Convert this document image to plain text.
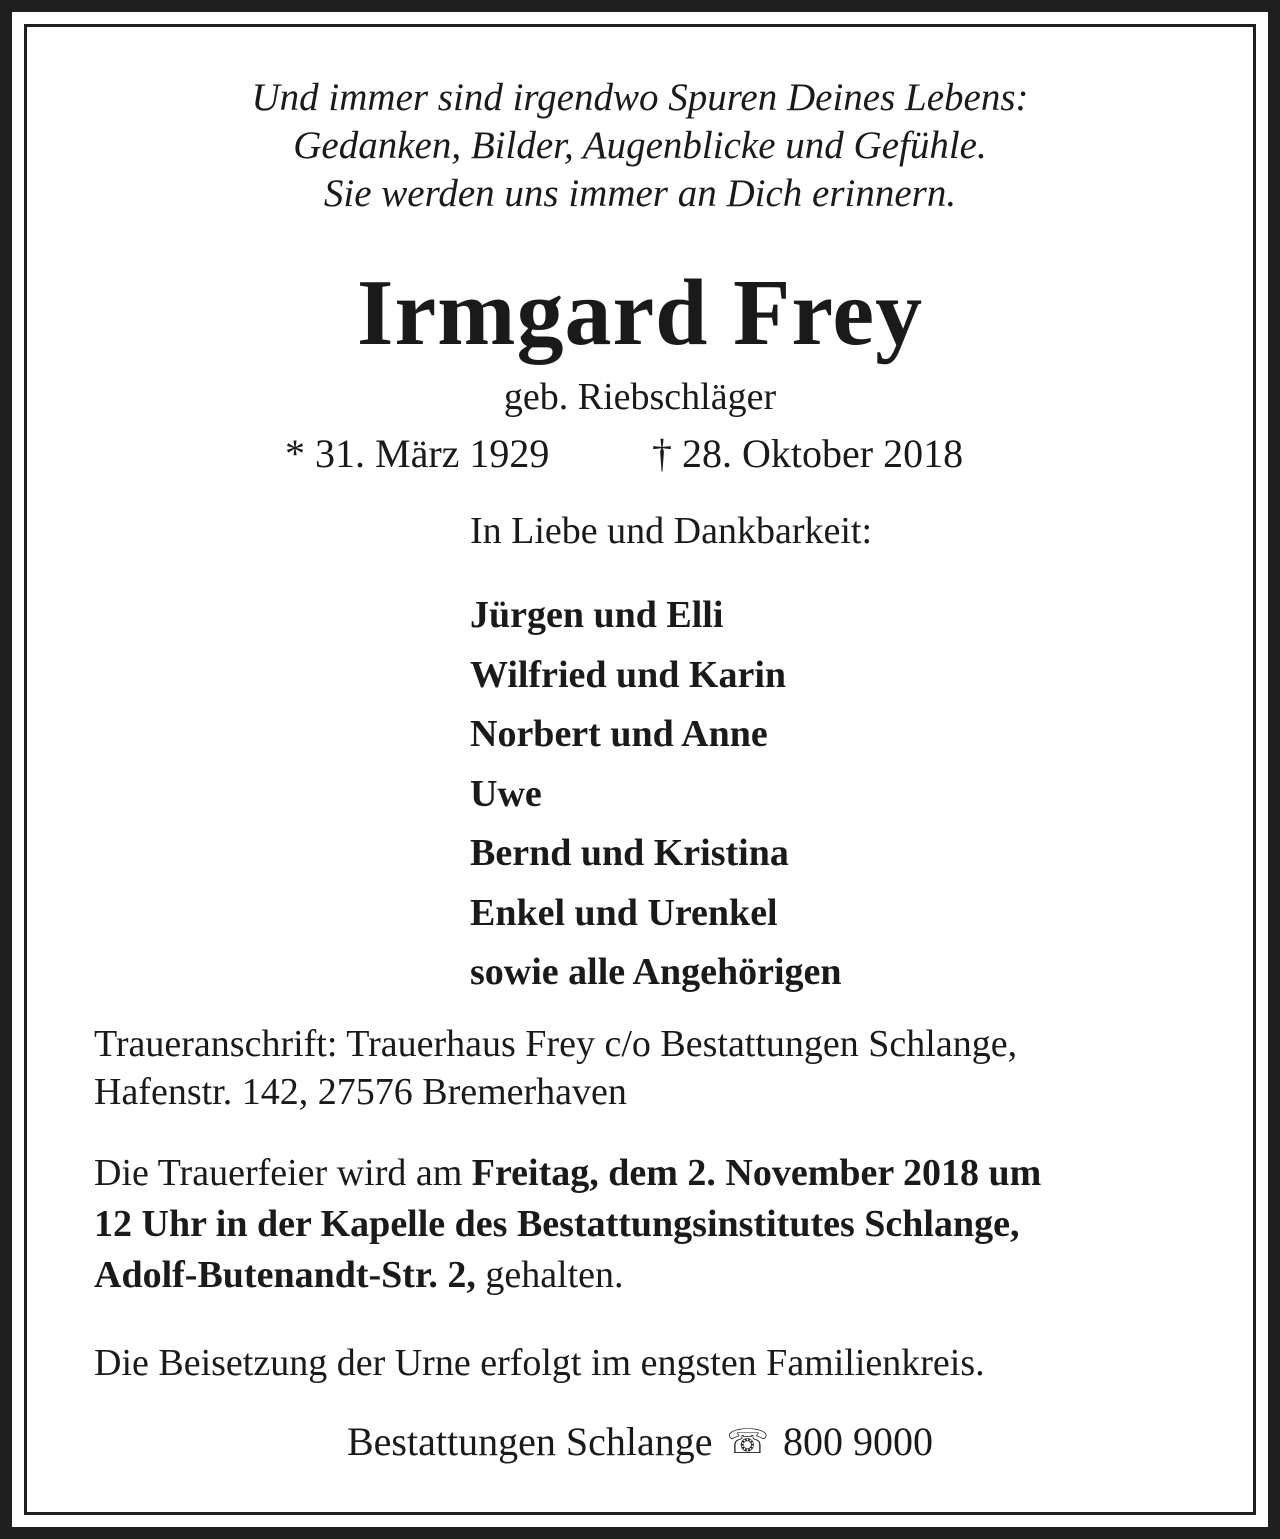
Und immer sind irgendwo Spuren Deines Lebens:
Gedanken, Bilder, Augenblicke und Gefühle.
Sie werden uns immer an Dich erinnern.
Irmgard Frey
geb. Riebschläger
* 31. März 1929	† 28. Oktober 2018
In Liebe und Dankbarkeit:
Jürgen und Elli
Wilfried und Karin
Norbert und Anne
Uwe
Bernd und Kristina
Enkel und Urenkel
sowie alle Angehörigen
Traueranschrift: Trauerhaus Frey c/o Bestattungen Schlange,
Hafenstr. 142, 27576 Bremerhaven
Die Trauerfeier wird am Freitag, dem 2. November 2018 um
12 Uhr in der Kapelle des Bestattungsinstitutes Schlange,
Adolf-Butenandt-Str. 2, gehalten.
Die Beisetzung der Urne erfolgt im engsten Familienkreis.
Bestattungen Schlange ☏ 800 9000
